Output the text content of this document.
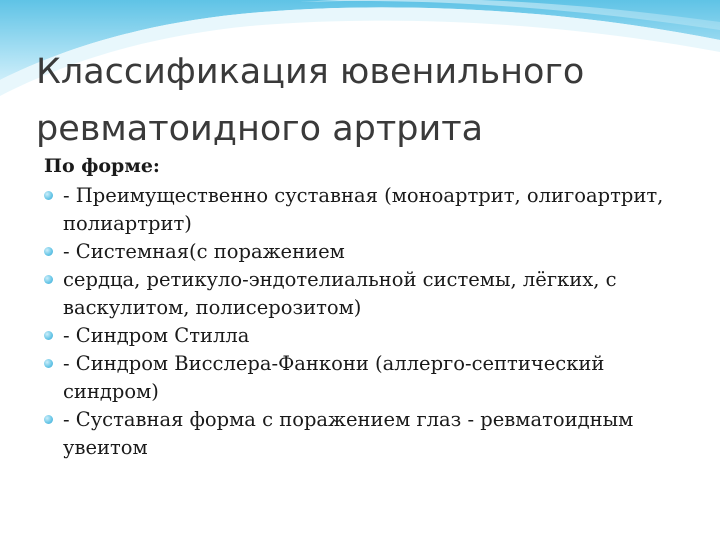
Классификация ювенильного ревматоидного артрита
По форме:
- Преимущественно суставная (моноартрит, олигоартрит, полиартрит)
- Системная(с поражением
сердца, ретикуло-эндотелиальной системы, лёгких, с васкулитом, полисерозитом)
- Синдром Стилла
- Синдром Висслера-Фанкони (аллерго-септический синдром)
- Суставная форма с поражением глаз - ревматоидным увеитом
